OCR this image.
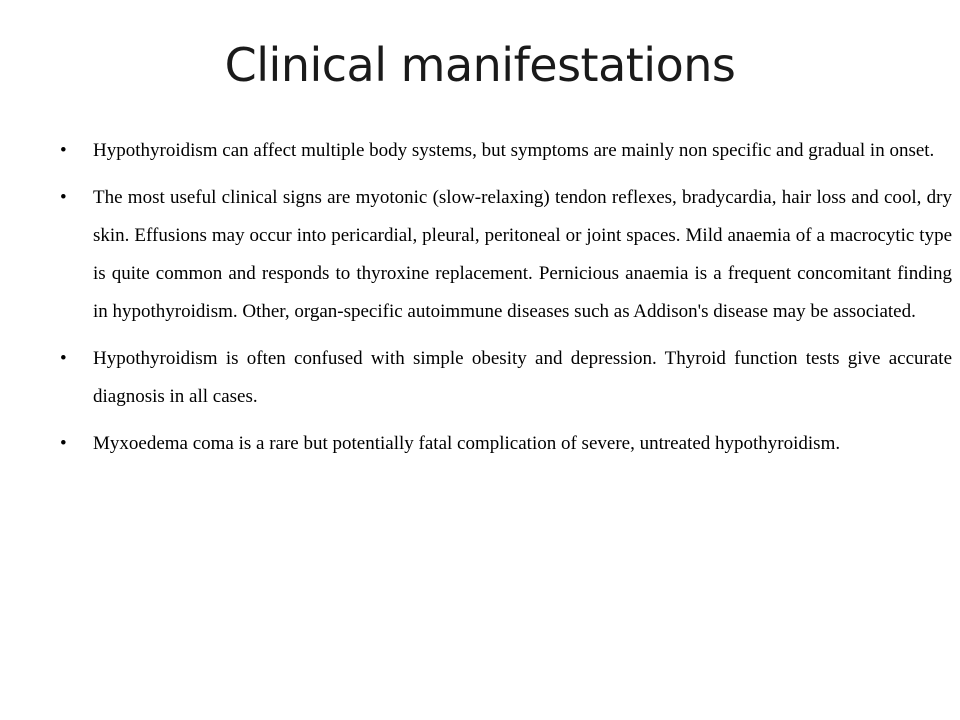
Clinical manifestations
• Hypothyroidism can affect multiple body systems, but symptoms are mainly non specific and gradual in onset.
• The most useful clinical signs are myotonic (slow-relaxing) tendon reflexes, bradycardia, hair loss and cool, dry skin. Effusions may occur into pericardial, pleural, peritoneal or joint spaces. Mild anaemia of a macrocytic type is quite common and responds to thyroxine replacement. Pernicious anaemia is a frequent concomitant finding in hypothyroidism. Other, organ-specific autoimmune diseases such as Addison's disease may be associated.
• Hypothyroidism is often confused with simple obesity and depression. Thyroid function tests give accurate diagnosis in all cases.
• Myxoedema coma is a rare but potentially fatal complication of severe, untreated hypothyroidism.
